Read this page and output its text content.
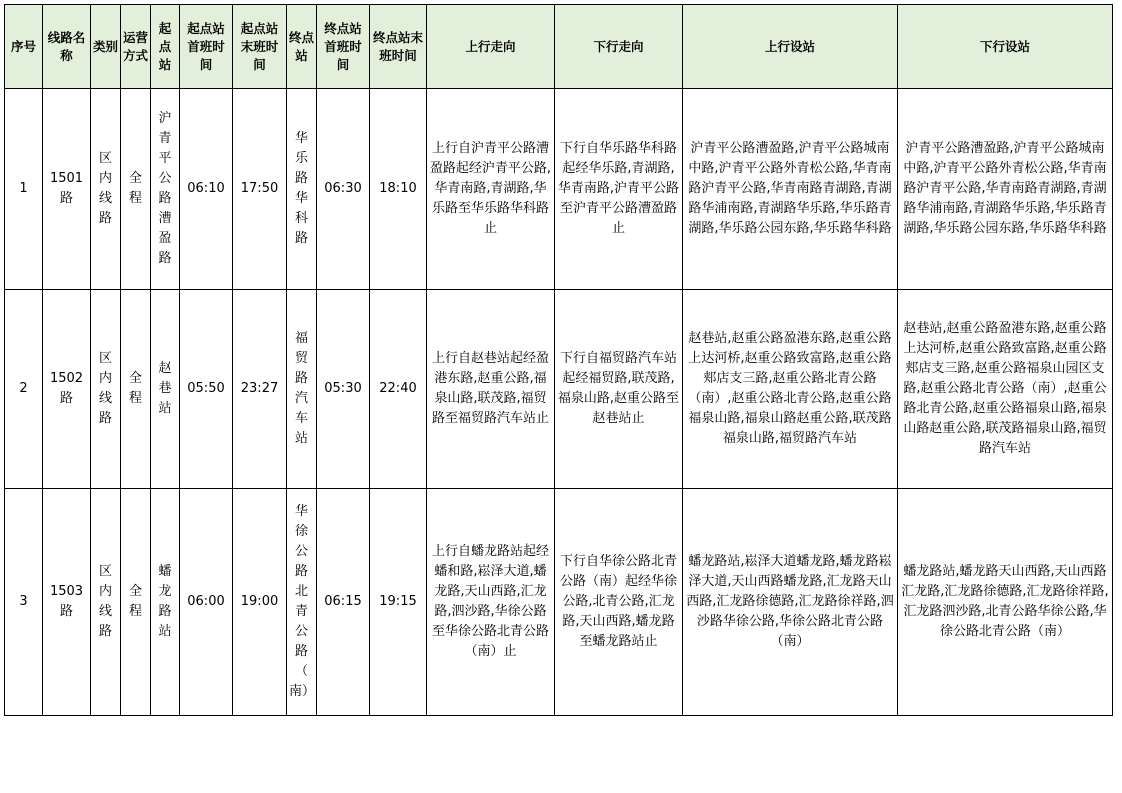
序号	线路名称	类别	运营方式	起点站	起点站首班时间	起点站末班时间	终点站	终点站首班时间	终点站末班时间	上行走向	下行走向	上行设站	下行设站
1	1501路	区内线路	全程	沪青平公路漕盈路	06:10	17:50	华乐路华科路	06:30	18:10	上行自沪青平公路漕盈路起经沪青平公路,华青南路,青湖路,华乐路至华乐路华科路止	下行自华乐路华科路起经华乐路,青湖路,华青南路,沪青平公路至沪青平公路漕盈路止	沪青平公路漕盈路,沪青平公路城南中路,沪青平公路外青松公路,华青南路沪青平公路,华青南路青湖路,青湖路华浦南路,青湖路华乐路,华乐路青湖路,华乐路公园东路,华乐路华科路	沪青平公路漕盈路,沪青平公路城南中路,沪青平公路外青松公路,华青南路沪青平公路,华青南路青湖路,青湖路华浦南路,青湖路华乐路,华乐路青湖路,华乐路公园东路,华乐路华科路
2	1502路	区内线路	全程	赵巷站	05:50	23:27	福贸路汽车站	05:30	22:40	上行自赵巷站起经盈港东路,赵重公路,福泉山路,联茂路,福贸路至福贸路汽车站止	下行自福贸路汽车站起经福贸路,联茂路,福泉山路,赵重公路至赵巷站止	赵巷站,赵重公路盈港东路,赵重公路上达河桥,赵重公路致富路,赵重公路郏店支三路,赵重公路北青公路（南）,赵重公路北青公路,赵重公路福泉山路,福泉山路赵重公路,联茂路福泉山路,福贸路汽车站	赵巷站,赵重公路盈港东路,赵重公路上达河桥,赵重公路致富路,赵重公路郏店支三路,赵重公路福泉山园区支路,赵重公路北青公路（南）,赵重公路北青公路,赵重公路福泉山路,福泉山路赵重公路,联茂路福泉山路,福贸路汽车站
3	1503路	区内线路	全程	蟠龙路站	06:00	19:00	华徐公路北青公路（南）	06:15	19:15	上行自蟠龙路站起经蟠和路,崧泽大道,蟠龙路,天山西路,汇龙路,泗沙路,华徐公路至华徐公路北青公路（南）止	下行自华徐公路北青公路（南）起经华徐公路,北青公路,汇龙路,天山西路,蟠龙路至蟠龙路站止	蟠龙路站,崧泽大道蟠龙路,蟠龙路崧泽大道,天山西路蟠龙路,汇龙路天山西路,汇龙路徐德路,汇龙路徐祥路,泗沙路华徐公路,华徐公路北青公路（南）	蟠龙路站,蟠龙路天山西路,天山西路汇龙路,汇龙路徐德路,汇龙路徐祥路,汇龙路泗沙路,北青公路华徐公路,华徐公路北青公路（南）
